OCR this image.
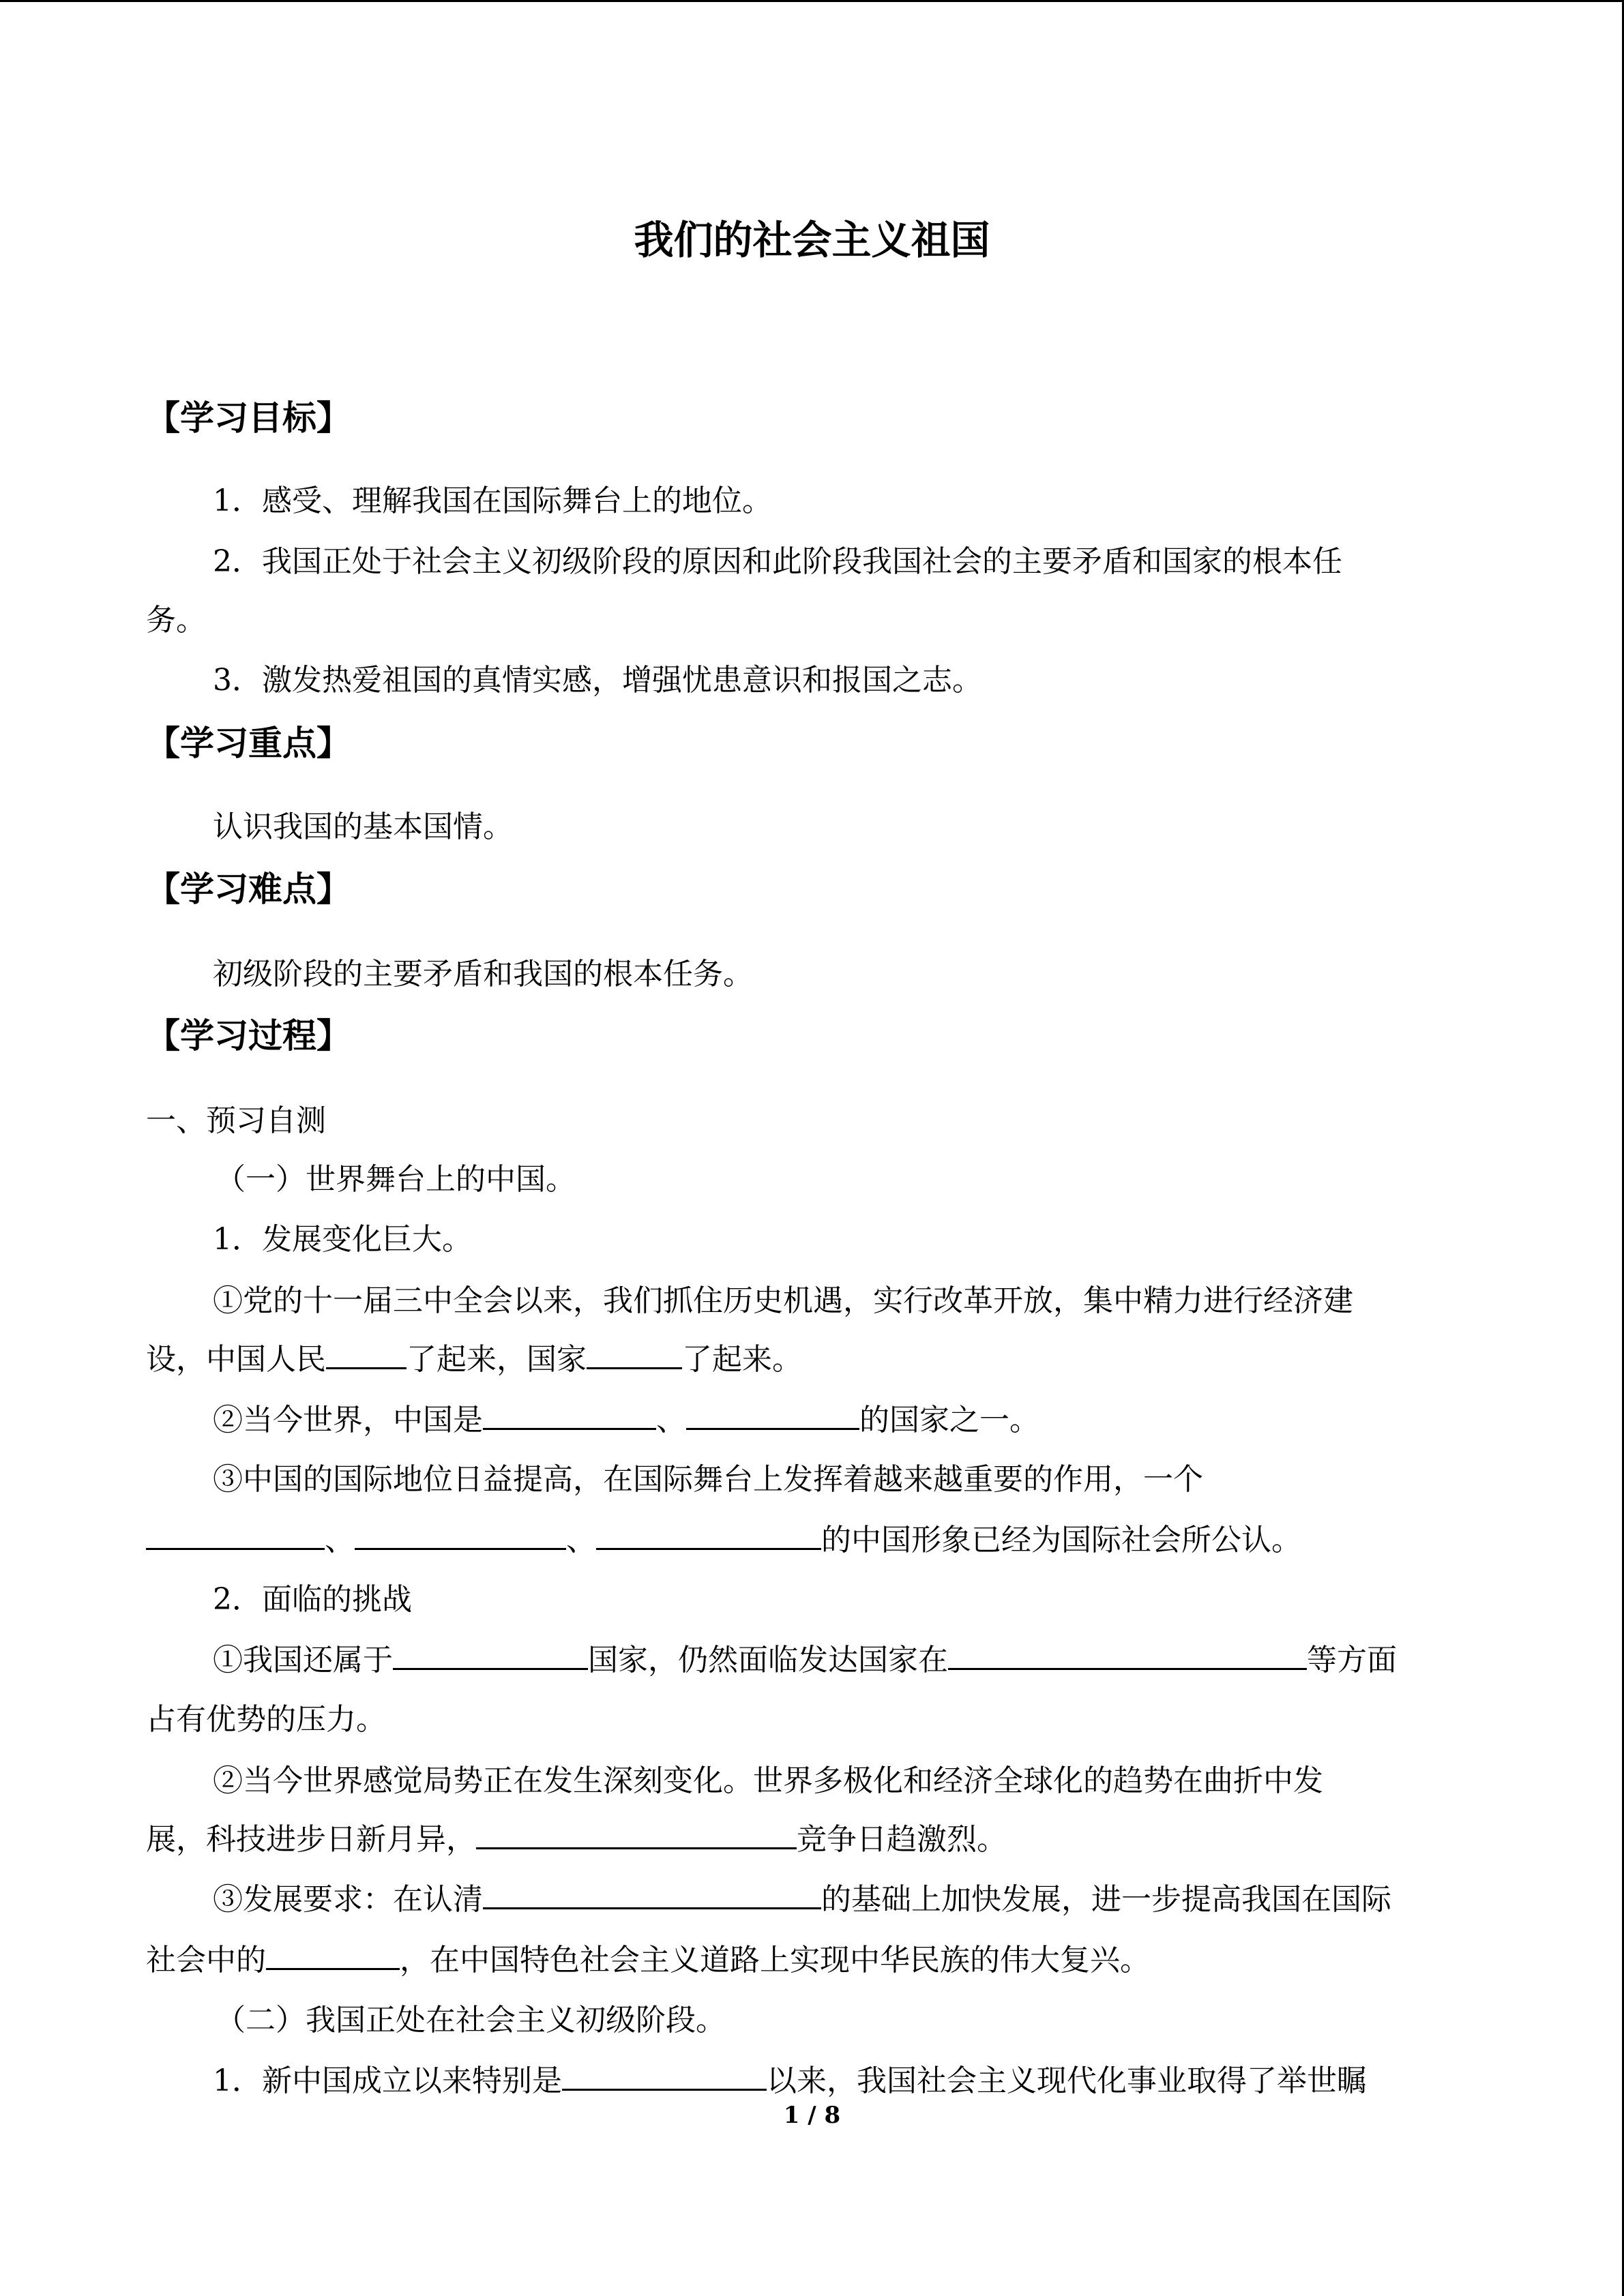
我们的社会主义祖国
【学习目标】
1．感受、理解我国在国际舞台上的地位。
2．我国正处于社会主义初级阶段的原因和此阶段我国社会的主要矛盾和国家的根本任
务。
3．激发热爱祖国的真情实感，增强忧患意识和报国之志。
【学习重点】
认识我国的基本国情。
【学习难点】
初级阶段的主要矛盾和我国的根本任务。
【学习过程】
一、预习自测
（一）世界舞台上的中国。
1．发展变化巨大。
①党的十一届三中全会以来，我们抓住历史机遇，实行改革开放，集中精力进行经济建
设，中国人民	了起来，国家	了起来。
②当今世界，中国是	、	的国家之一。
③中国的国际地位日益提高，在国际舞台上发挥着越来越重要的作用，一个
、	、	的中国形象已经为国际社会所公认。
2．面临的挑战
①我国还属于	国家，仍然面临发达国家在	等方面
占有优势的压力。
②当今世界感觉局势正在发生深刻变化。世界多极化和经济全球化的趋势在曲折中发
展，科技进步日新月异，	竞争日趋激烈。
③发展要求：在认清	的基础上加快发展，进一步提高我国在国际
社会中的	，在中国特色社会主义道路上实现中华民族的伟大复兴。
（二）我国正处在社会主义初级阶段。
1．新中国成立以来特别是	以来，我国社会主义现代化事业取得了举世瞩
1 / 8
